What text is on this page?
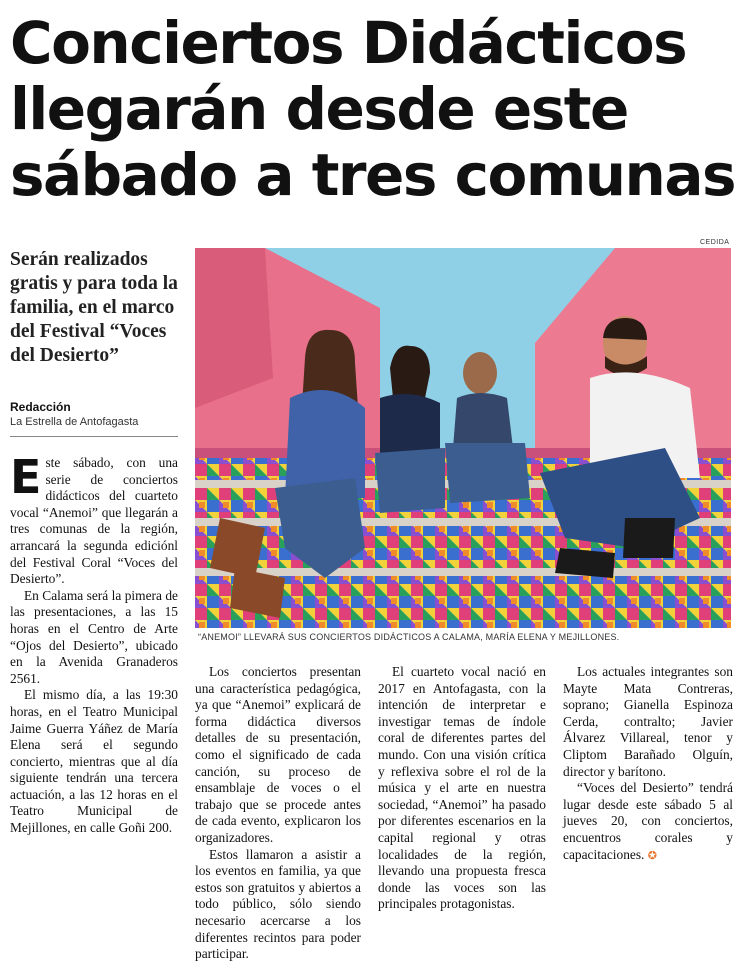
Conciertos Didácticos
llegarán desde este
sábado a tres comunas
Serán realizados gratis y para toda la familia, en el marco del Festival “Voces del Desierto”
Redacción
La Estrella de Antofagasta
CEDIDA
“ANEMOI” LLEVARÁ SUS CONCIERTOS DIDÁCTICOS A CALAMA, MARÍA ELENA Y MEJILLONES.

Este sábado, con una serie de conciertos didácticos del cuarteto vocal “Anemoi” que llegarán a tres comunas de la región, arrancará la segunda ediciónl del Festival Coral “Voces del Desierto”.

En Calama será la pimera de las presentaciones, a las 15 horas en el Centro de Arte “Ojos del Desierto”, ubicado en la Avenida Granaderos 2561.

El mismo día, a las 19:30 horas, en el Teatro Municipal Jaime Guerra Yáñez de María Elena será el segundo concierto, mientras que al día siguiente tendrán una tercera actuación, a las 12 horas en el Teatro Municipal de Mejillones, en calle Goñi 200.

Los conciertos presentan una característica pedagógica, ya que “Anemoi” explicará de forma didáctica diversos detalles de su presentación, como el significado de cada canción, su proceso de ensamblaje de voces o el trabajo que se procede antes de cada evento, explicaron los organizadores.

Estos llamaron a asistir a los eventos en familia, ya que estos son gratuitos y abiertos a todo público, sólo siendo necesario acercarse a los diferentes recintos para poder participar.

El cuarteto vocal nació en 2017 en Antofagasta, con la intención de interpretar e investigar temas de índole coral de diferentes partes del mundo. Con una visión crítica y reflexiva sobre el rol de la música y el arte en nuestra sociedad, “Anemoi” ha pasado por diferentes escenarios en la capital regional y otras localidades de la región, llevando una propuesta fresca donde las voces son las principales protagonistas.

Los actuales integrantes son Mayte Mata Contreras, soprano; Gianella Espinoza Cerda, contralto; Javier Álvarez Villareal, tenor y Cliptom Barañado Olguín, director y barítono.

“Voces del Desierto” tendrá lugar desde este sábado 5 al jueves 20, con conciertos, encuentros corales y capacitaciones. ✪
